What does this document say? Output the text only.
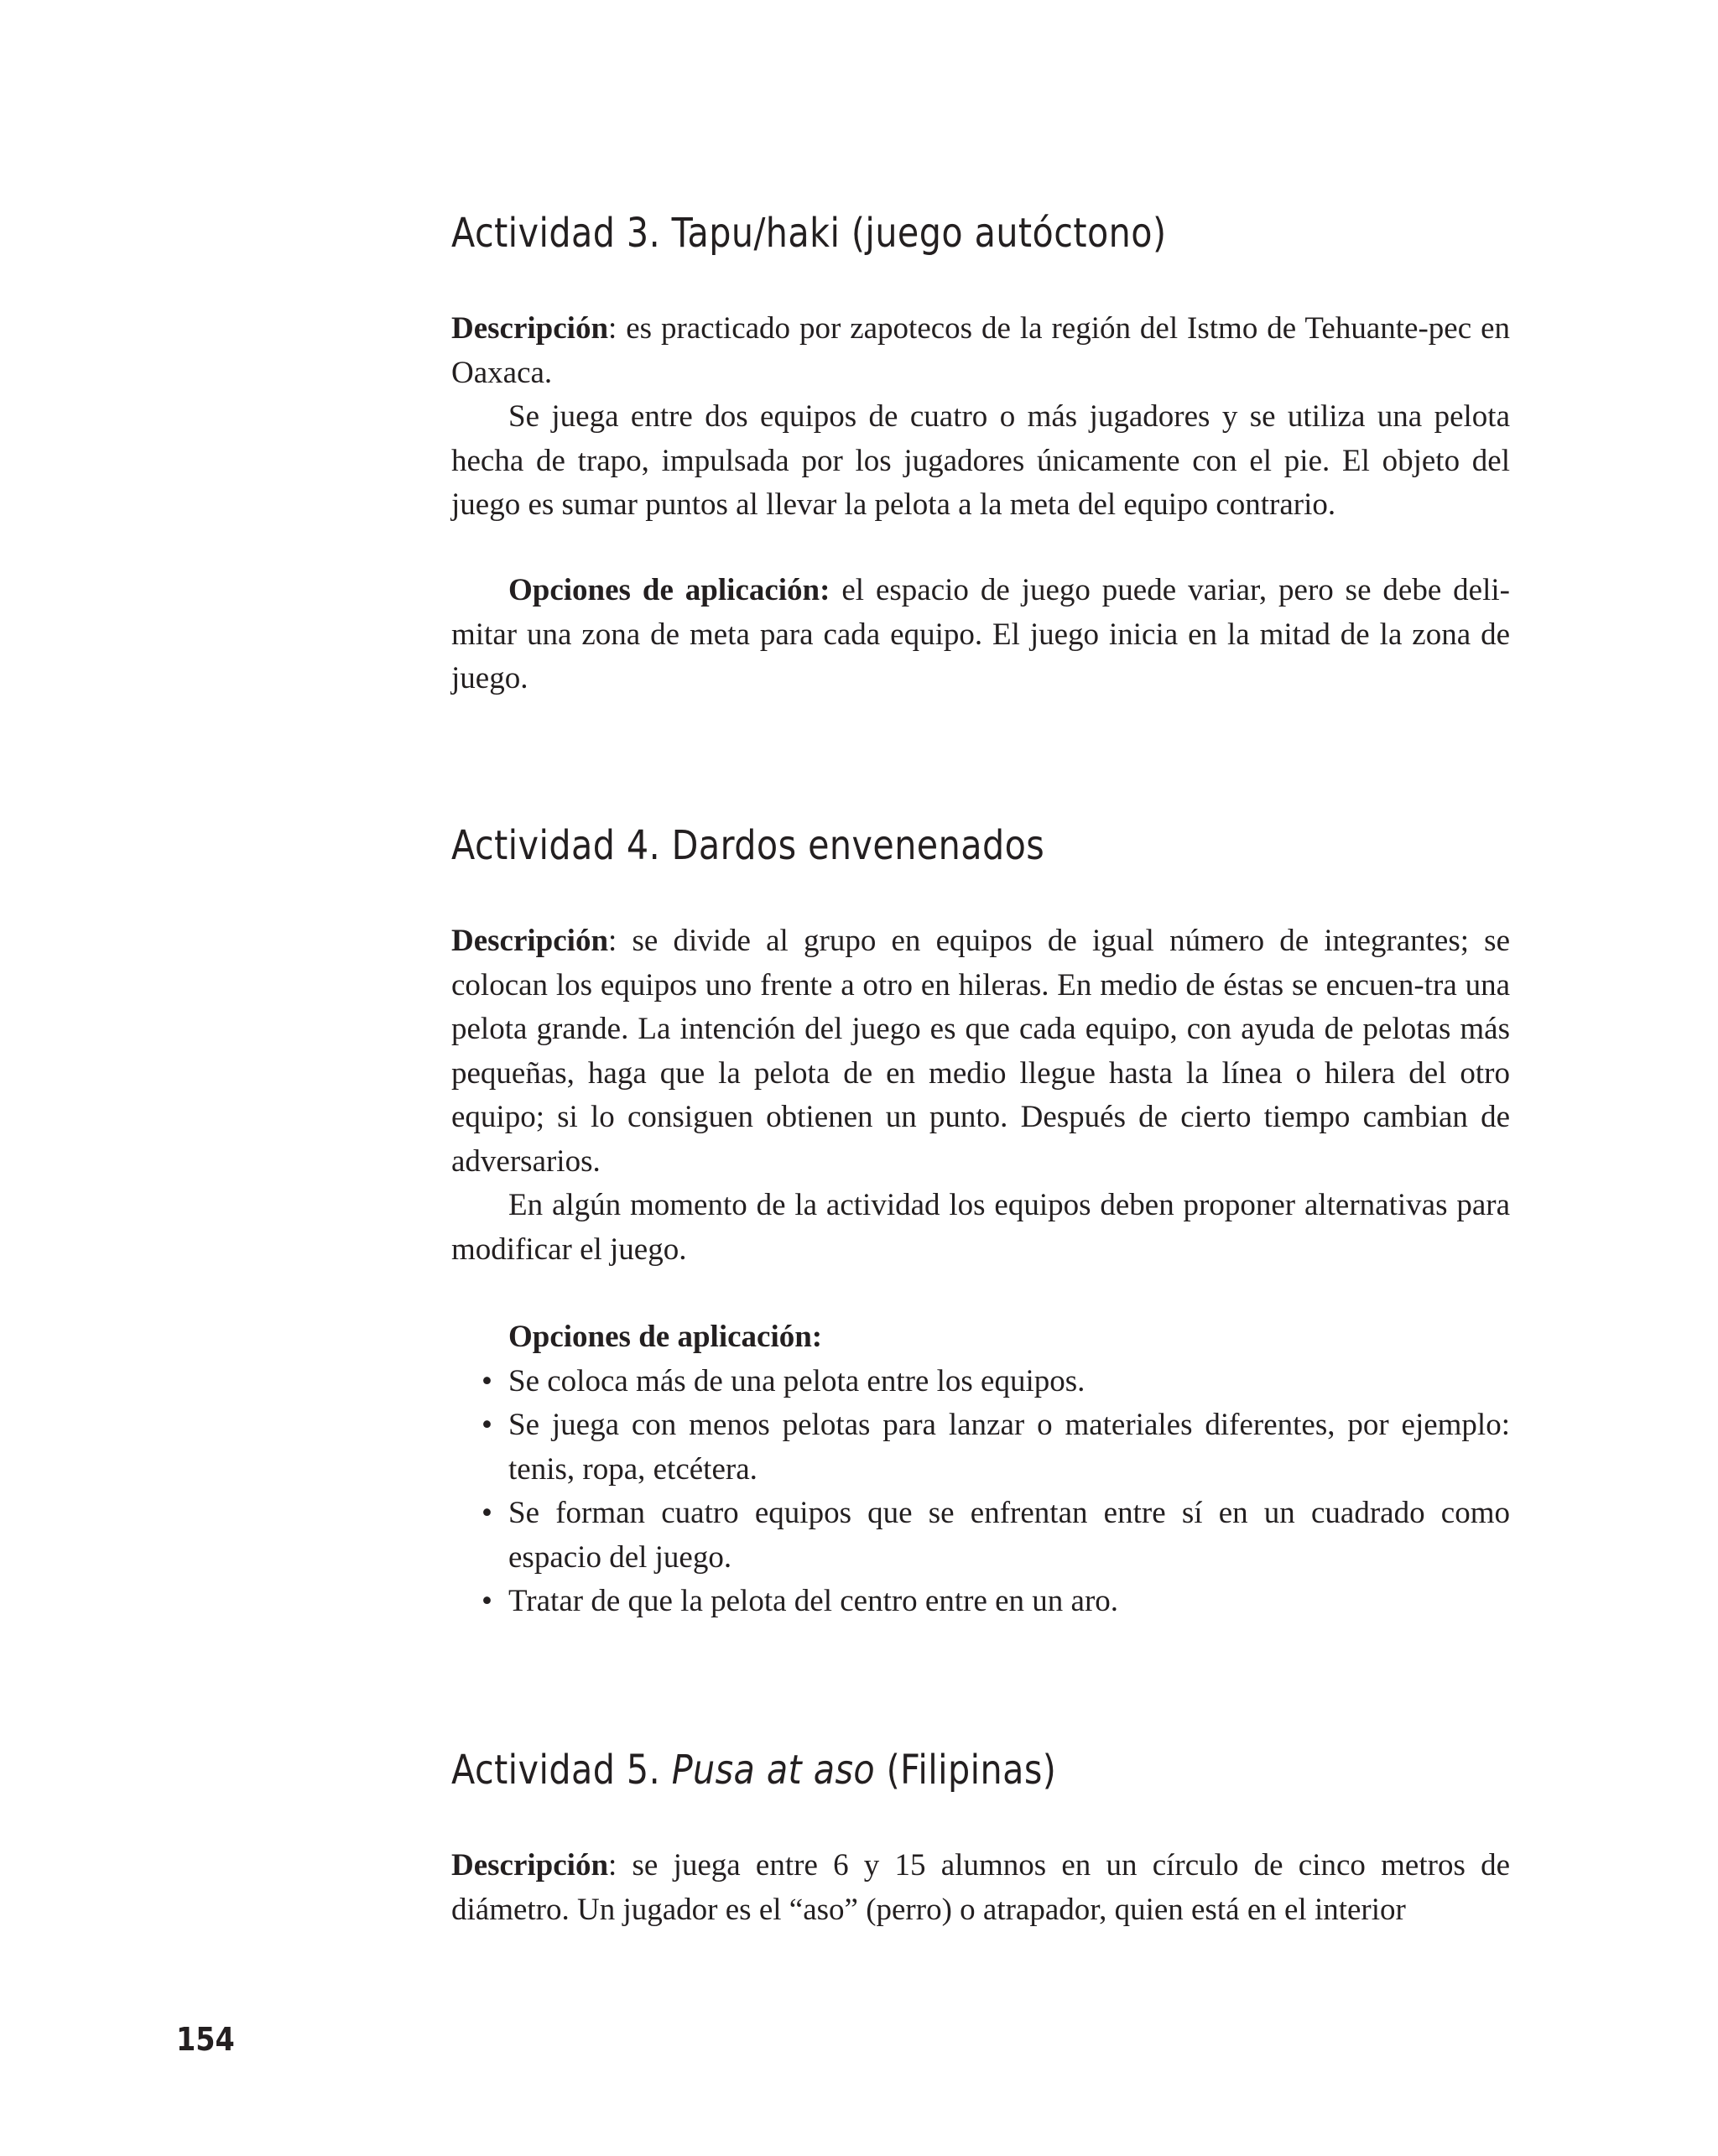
Actividad 3. Tapu/haki (juego autóctono)

Descripción: es practicado por zapotecos de la región del Istmo de Tehuante-pec en Oaxaca.

Se juega entre dos equipos de cuatro o más jugadores y se utiliza una pelota hecha de trapo, impulsada por los jugadores únicamente con el pie. El objeto del juego es sumar puntos al llevar la pelota a la meta del equipo contrario.

Opciones de aplicación: el espacio de juego puede variar, pero se debe deli-mitar una zona de meta para cada equipo. El juego inicia en la mitad de la zona de juego.

Actividad 4. Dardos envenenados

Descripción: se divide al grupo en equipos de igual número de integrantes; se colocan los equipos uno frente a otro en hileras. En medio de éstas se encuen-tra una pelota grande. La intención del juego es que cada equipo, con ayuda de pelotas más pequeñas, haga que la pelota de en medio llegue hasta la línea o hilera del otro equipo; si lo consiguen obtienen un punto. Después de cierto tiempo cambian de adversarios.

En algún momento de la actividad los equipos deben proponer alternativas para modificar el juego.

Opciones de aplicación:

• Se coloca más de una pelota entre los equipos.
• Se juega con menos pelotas para lanzar o materiales diferentes, por ejemplo: tenis, ropa, etcétera.
• Se forman cuatro equipos que se enfrentan entre sí en un cuadrado como espacio del juego.
• Tratar de que la pelota del centro entre en un aro.
Actividad 5. Pusa at aso (Filipinas)

Descripción: se juega entre 6 y 15 alumnos en un círculo de cinco metros de diámetro. Un jugador es el “aso” (perro) o atrapador, quien está en el interior

154
